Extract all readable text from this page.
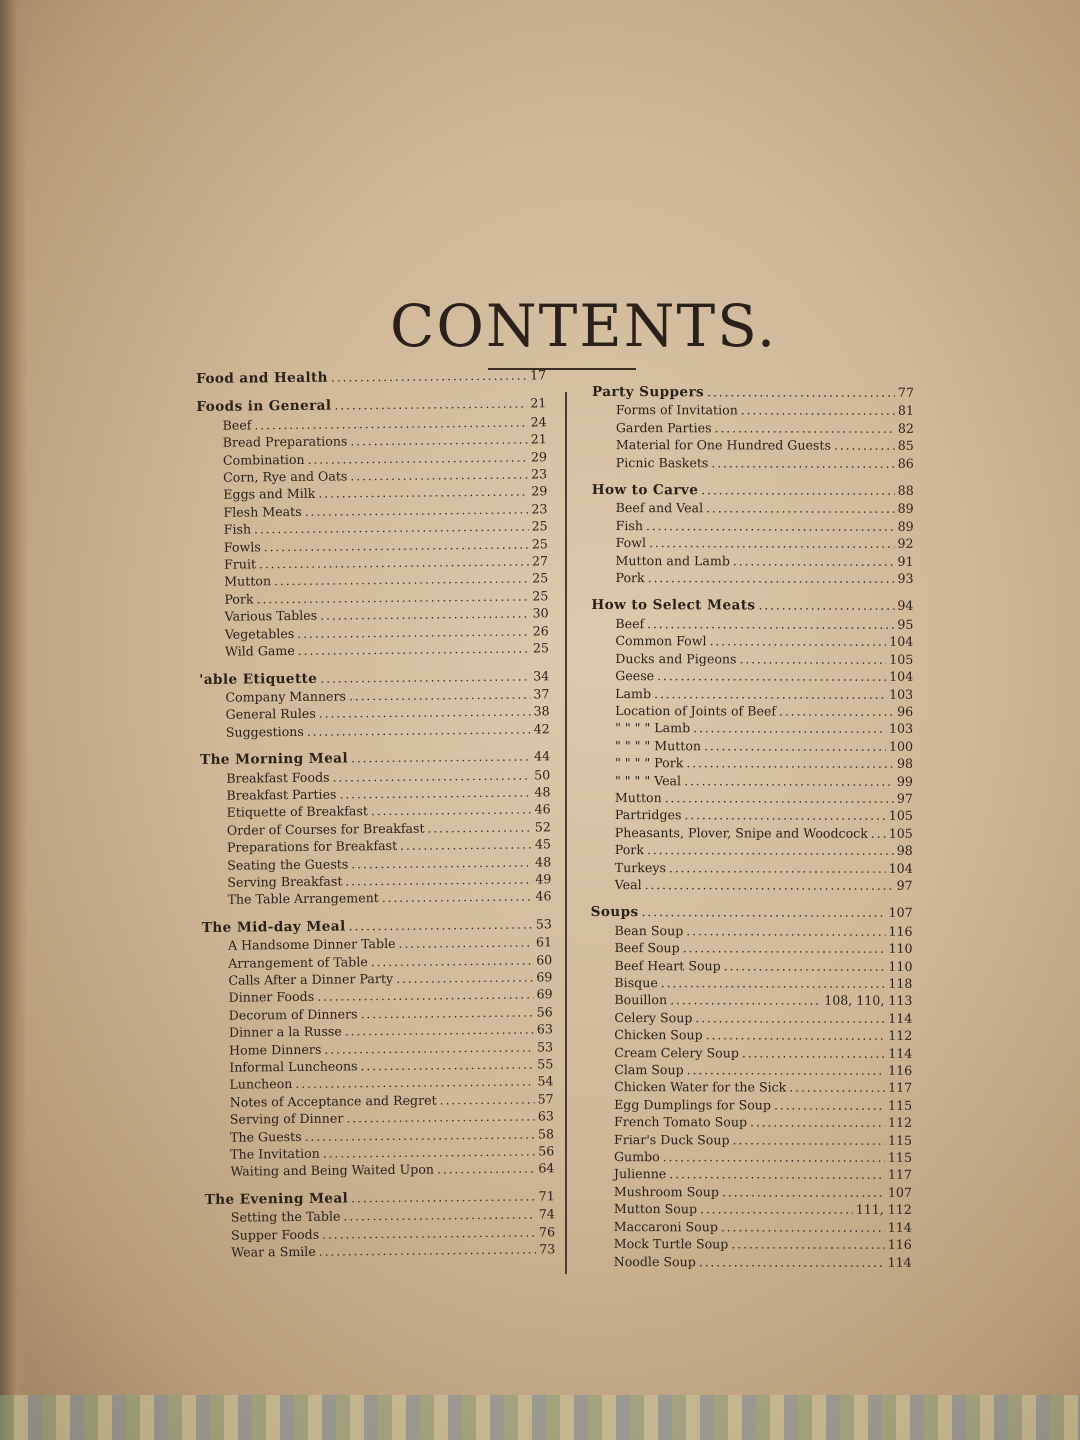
CONTENTS.
Food and Health .....	17
Foods in General .....	21
Beef .....	24
Bread Preparations .....	21
Combination .....	29
Corn, Rye and Oats .....	23
Eggs and Milk .....	29
Flesh Meats .....	23
Fish .....	25
Fowls .....	25
Fruit .....	27
Mutton .....	25
Pork .....	25
Various Tables .....	30
Vegetables .....	26
Wild Game .....	25
'able Etiquette .....	34
Company Manners .....	37
General Rules .....	38
Suggestions .....	42
The Morning Meal .....	44
Breakfast Foods .....	50
Breakfast Parties .....	48
Etiquette of Breakfast .....	46
Order of Courses for Breakfast .....	52
Preparations for Breakfast .....	45
Seating the Guests .....	48
Serving Breakfast .....	49
The Table Arrangement .....	46
The Mid-day Meal .....	53
A Handsome Dinner Table .....	61
Arrangement of Table .....	60
Calls After a Dinner Party .....	69
Dinner Foods .....	69
Decorum of Dinners .....	56
Dinner a la Russe .....	63
Home Dinners .....	53
Informal Luncheons .....	55
Luncheon .....	54
Notes of Acceptance and Regret .....	57
Serving of Dinner .....	63
The Guests .....	58
The Invitation .....	56
Waiting and Being Waited Upon .....	64
The Evening Meal .....	71
Setting the Table .....	74
Supper Foods .....	76
Wear a Smile .....	73
Party Suppers .....	77
Forms of Invitation .....	81
Garden Parties .....	82
Material for One Hundred Guests .....	85
Picnic Baskets .....	86
How to Carve .....	88
Beef and Veal .....	89
Fish .....	89
Fowl .....	92
Mutton and Lamb .....	91
Pork .....	93
How to Select Meats .....	94
Beef .....	95
Common Fowl .....	104
Ducks and Pigeons .....	105
Geese .....	104
Lamb .....	103
Location of Joints of Beef .....	96
" " " " Lamb .....	103
" " " " Mutton .....	100
" " " " Pork .....	98
" " " " Veal .....	99
Mutton .....	97
Partridges .....	105
Pheasants, Plover, Snipe and Woodcock ..... 105
Pork .....	98
Turkeys .....	104
Veal .....	97
Soups .....	107
Bean Soup .....	116
Beef Soup .....	110
Beef Heart Soup .....	110
Bisque .....	118
Bouillon .....	108, 110, 113
Celery Soup .....	114
Chicken Soup .....	112
Cream Celery Soup .....	114
Clam Soup .....	116
Chicken Water for the Sick .....	117
Egg Dumplings for Soup .....	115
French Tomato Soup .....	112
Friar's Duck Soup .....	115
Gumbo .....	115
Julienne .....	117
Mushroom Soup .....	107
Mutton Soup .....	111, 112
Maccaroni Soup .....	114
Mock Turtle Soup .....	116
Noodle Soup .....	114
